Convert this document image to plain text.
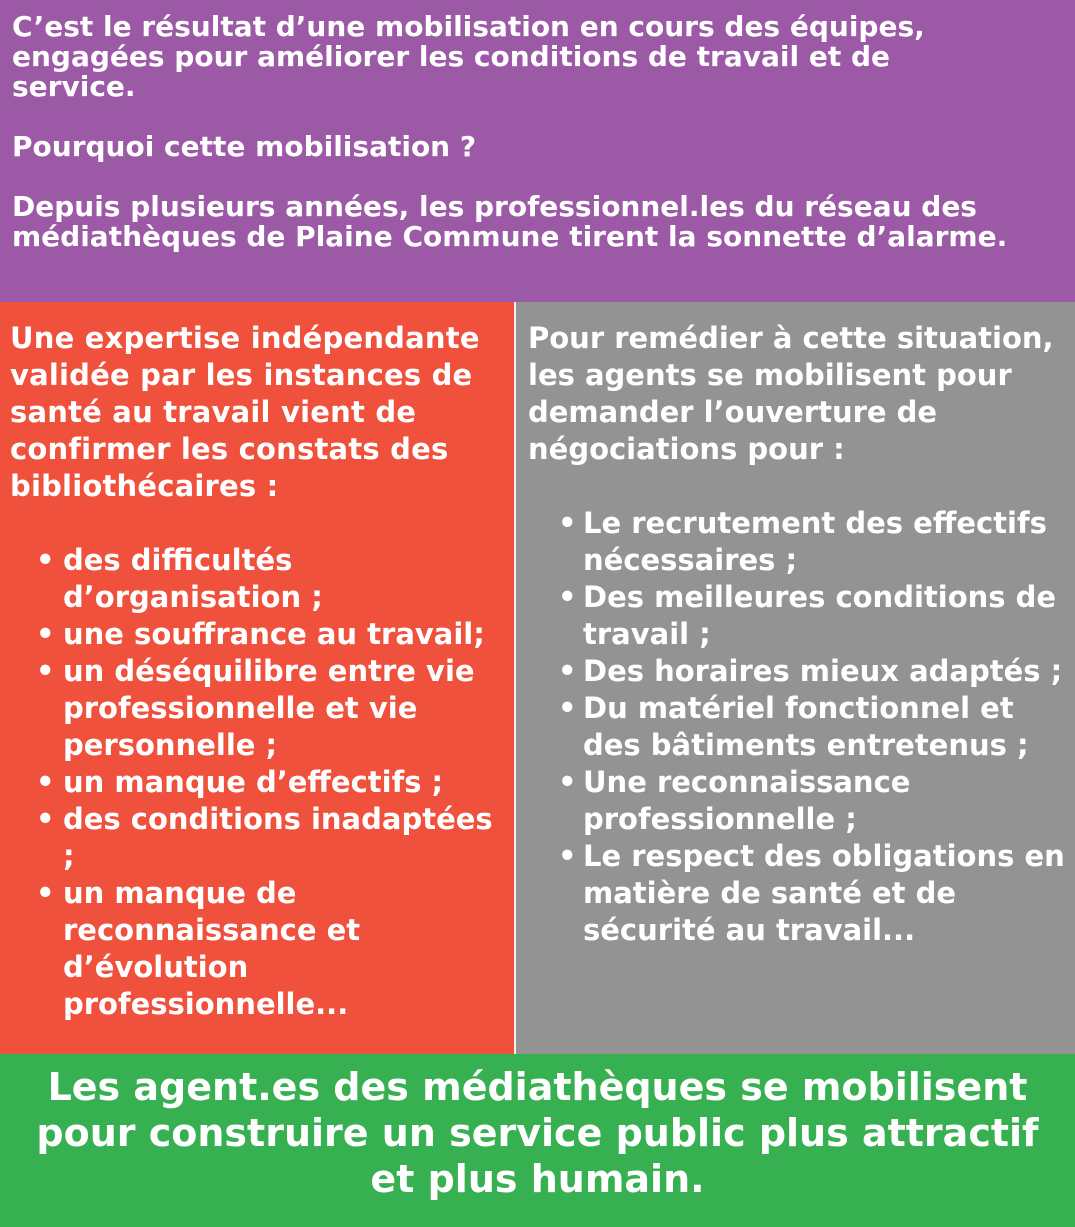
C’est le résultat d’une mobilisation en cours des équipes, engagées pour améliorer les conditions de travail et de service.

Pourquoi cette mobilisation ?

Depuis plusieurs années, les professionnel.les du réseau des médiathèques de Plaine Commune tirent la sonnette d’alarme.

Une expertise indépendante validée par les instances de santé au travail vient de confirmer les constats des bibliothécaires :

• des difficultés d’organisation ;
• une souffrance au travail;
• un déséquilibre entre vie professionnelle et vie personnelle ;
• un manque d’effectifs ;
• des conditions inadaptées ;
• un manque de reconnaissance et d’évolution professionnelle...

Pour remédier à cette situation, les agents se mobilisent pour demander l’ouverture de négociations pour :

• Le recrutement des effectifs nécessaires ;
• Des meilleures conditions de travail ;
• Des horaires mieux adaptés ;
• Du matériel fonctionnel et des bâtiments entretenus ;
• Une reconnaissance professionnelle ;
• Le respect des obligations en matière de santé et de sécurité au travail...

Les agent.es des médiathèques se mobilisent pour construire un service public plus attractif et plus humain.
